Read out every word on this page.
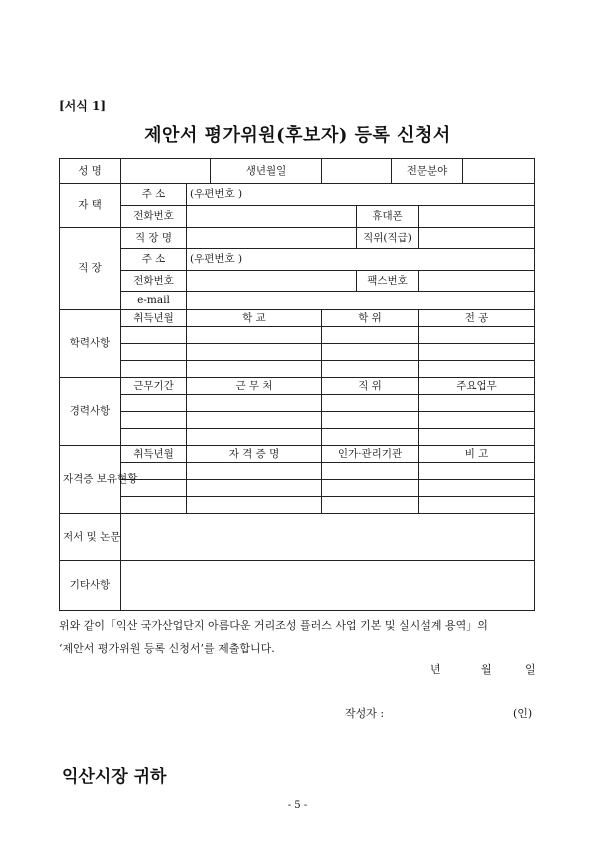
[서식 1]
제안서 평가위원(후보자) 등록 신청서
성 명			생년월일			전문분야		
자 택	주 소	(우편번호 )						
	전화번호				휴대폰			
직 장	직 장 명				직위(직급)			
	주 소	(우편번호 )						
	전화번호				팩스번호			
	e-mail							
학력사항	취득년월	학 교		학 위			전 공	

경력사항	근무기간	근 무 처		직 위			주요업무	

자격증 보유현황	취득년월	자 격 증 명		인가·관리기관			비 고	

저서 및 논문								
기타사항								
위와 같이「익산 국가산업단지 아름다운 거리조성 플러스 사업 기본 및 실시설계 용역」의
‘제안서 평가위원 등록 신청서’를 제출합니다.
년	월	일
작성자 :	(인)
익산시장 귀하
- 5 -
